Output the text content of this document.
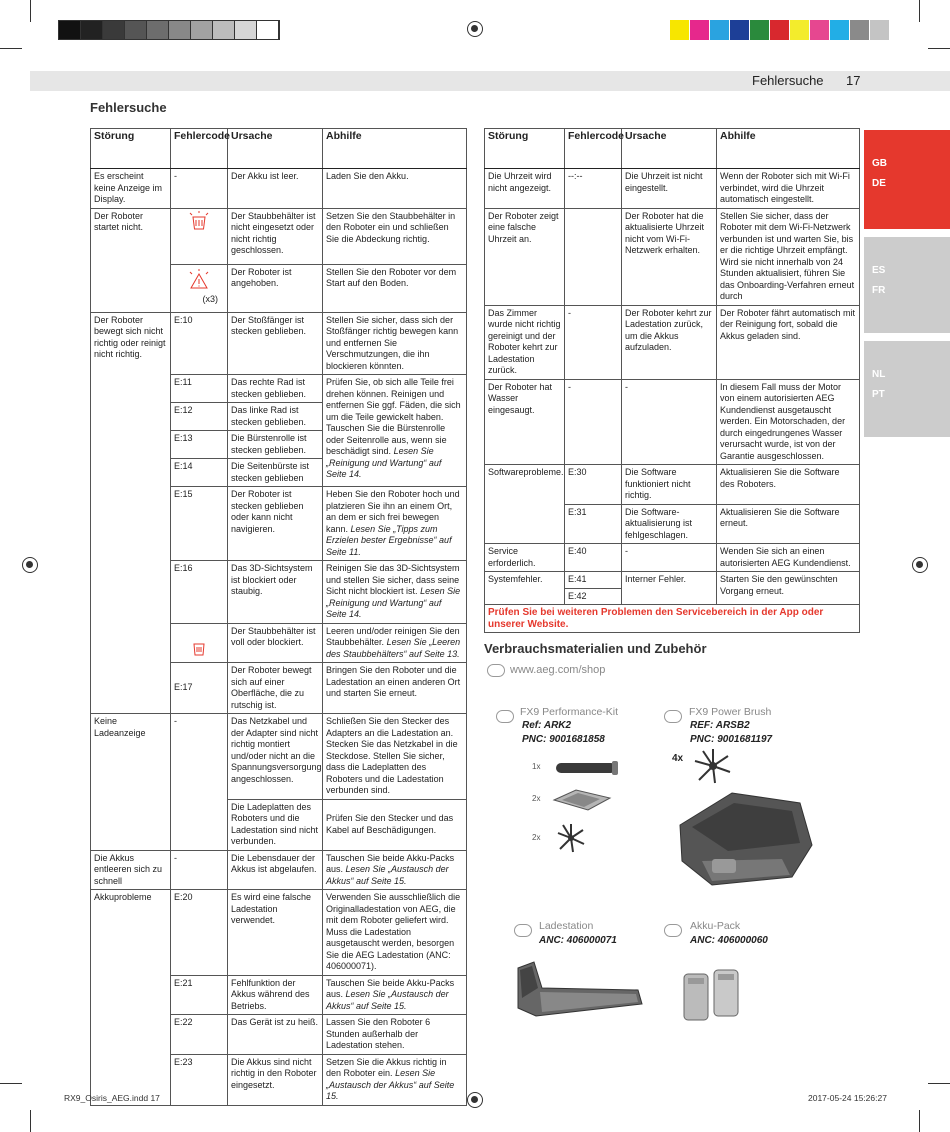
Fehlersuche 17
Fehlersuche
GB
DE
ES
FR
NL
PT
Störung	Fehlercode	Ursache	Abhilfe
Es erscheint keine Anzeige im Display.	-	Der Akku ist leer.	Laden Sie den Akku.
Der Roboter startet nicht.		Der Staubbehälter ist nicht eingesetzt oder nicht richtig geschlossen.	Setzen Sie den Staubbehälter in den Roboter ein und schließen Sie die Abdeckung richtig.

	(x3)	Der Roboter ist angehoben.	Stellen Sie den Roboter vor dem Start auf den Boden.
Der Roboter bewegt sich nicht richtig oder reinigt nicht richtig.	E:10	Der Stoßfänger ist stecken geblieben.	Stellen Sie sicher, dass sich der Stoßfänger richtig bewegen kann und entfernen Sie Verschmutzungen, die ihn blockieren könnten.
	E:11	Das rechte Rad ist stecken geblieben.	Prüfen Sie, ob sich alle Teile frei drehen können. Reinigen und entfernen Sie ggf. Fäden, die sich um die Teile gewickelt haben. Tauschen Sie die Bürstenrolle oder Seitenrolle aus, wenn sie beschädigt sind. Lesen Sie „Reinigung und Wartung“ auf Seite 14.
	E:12	Das linke Rad ist stecken geblieben.	
	E:13	Die Bürstenrolle ist stecken geblieben.	
	E:14	Die Seitenbürste ist stecken geblieben	
	E:15	Der Roboter ist stecken geblieben oder kann nicht navigieren.	Heben Sie den Roboter hoch und platzieren Sie ihn an einem Ort, an dem er sich frei bewegen kann. Lesen Sie „Tipps zum Erzielen bester Ergebnisse“ auf Seite 11.
	E:16	Das 3D-Sichtsystem ist blockiert oder staubig.	Reinigen Sie das 3D-Sichtsystem und stellen Sie sicher, dass seine Sicht nicht blockiert ist. Lesen Sie „Reinigung und Wartung“ auf Seite 14.
	Der Staubbehälter ist voll oder blockiert.	Leeren und/oder reinigen Sie den Staubbehälter. Lesen Sie „Leeren des Staubbehälters“ auf Seite 13.
	E:17	Der Roboter bewegt sich auf einer Oberfläche, die zu rutschig ist.	Bringen Sie den Roboter und die Ladestation an einen anderen Ort und starten Sie erneut.
Keine Ladeanzeige	-	Das Netzkabel und der Adapter sind nicht richtig montiert und/oder nicht an die Spannungsversorgung angeschlossen.	Schließen Sie den Stecker des Adapters an die Ladestation an. Stecken Sie das Netzkabel in die Steckdose. Stellen Sie sicher, dass die Ladeplatten des Roboters und die Ladestation verbunden sind.
		Die Ladeplatten des Roboters und die Ladestation sind nicht verbunden.	Prüfen Sie den Stecker und das Kabel auf Beschädigungen.
Die Akkus entleeren sich zu schnell	-	Die Lebensdauer der Akkus ist abgelaufen.	Tauschen Sie beide Akku-Packs aus. Lesen Sie „Austausch der Akkus“ auf Seite 15.
Akkuprobleme	E:20	Es wird eine falsche Ladestation verwendet.	Verwenden Sie ausschließlich die Originalladestation von AEG, die mit dem Roboter geliefert wird. Muss die Ladestation ausgetauscht werden, besorgen Sie die AEG Ladestation (ANC: 406000071).
	E:21	Fehlfunktion der Akkus während des Betriebs.	Tauschen Sie beide Akku-Packs aus. Lesen Sie „Austausch der Akkus“ auf Seite 15.
	E:22	Das Gerät ist zu heiß.	Lassen Sie den Roboter 6 Stunden außerhalb der Ladestation stehen.
	E:23	Die Akkus sind nicht richtig in den Roboter eingesetzt.	Setzen Sie die Akkus richtig in den Roboter ein. Lesen Sie „Austausch der Akkus“ auf Seite 15.
Störung	Fehlercode	Ursache	Abhilfe
Die Uhrzeit wird nicht angezeigt.	--:--	Die Uhrzeit ist nicht eingestellt.	Wenn der Roboter sich mit Wi-Fi verbindet, wird die Uhrzeit automatisch eingestellt.
Der Roboter zeigt eine falsche Uhrzeit an.		Der Roboter hat die aktualisierte Uhrzeit nicht vom Wi-Fi-Netzwerk erhalten.	Stellen Sie sicher, dass der Roboter mit dem Wi-Fi-Netzwerk verbunden ist und warten Sie, bis er die richtige Uhrzeit empfängt. Wird sie nicht innerhalb von 24 Stunden aktualisiert, führen Sie das Onboarding-Verfahren erneut durch
Das Zimmer wurde nicht richtig gereinigt und der Roboter kehrt zur Ladestation zurück.	-	Der Roboter kehrt zur Ladestation zurück, um die Akkus aufzuladen.	Der Roboter fährt automatisch mit der Reinigung fort, sobald die Akkus geladen sind.
Der Roboter hat Wasser eingesaugt.	-	-	In diesem Fall muss der Motor von einem autorisierten AEG Kundendienst ausgetauscht werden. Ein Motorschaden, der durch eingedrungenes Wasser verursacht wurde, ist von der Garantie ausgeschlossen.
Softwareprobleme.	E:30	Die Software funktioniert nicht richtig.	Aktualisieren Sie die Software des Roboters.
	E:31	Die Software-aktualisierung ist fehlgeschlagen.	Aktualisieren Sie die Software erneut.
Service erforderlich.	E:40	-	Wenden Sie sich an einen autorisierten AEG Kundendienst.
Systemfehler.	E:41	Interner Fehler.	Starten Sie den gewünschten Vorgang erneut.
	E:42		
Prüfen Sie bei weiteren Problemen den Servicebereich in der App oder unserer Website.			
Verbrauchsmaterialien und Zubehör
www.aeg.com/shop
FX9 Performance-Kit
Ref: ARK2
PNC: 9001681858
FX9 Power Brush
REF: ARSB2
PNC: 9001681197
1x
2x
2x
4x
Ladestation
ANC: 406000071
Akku-Pack
ANC: 406000060
RX9_Osiris_AEG.indd 17	2017-05-24 15:26:27
